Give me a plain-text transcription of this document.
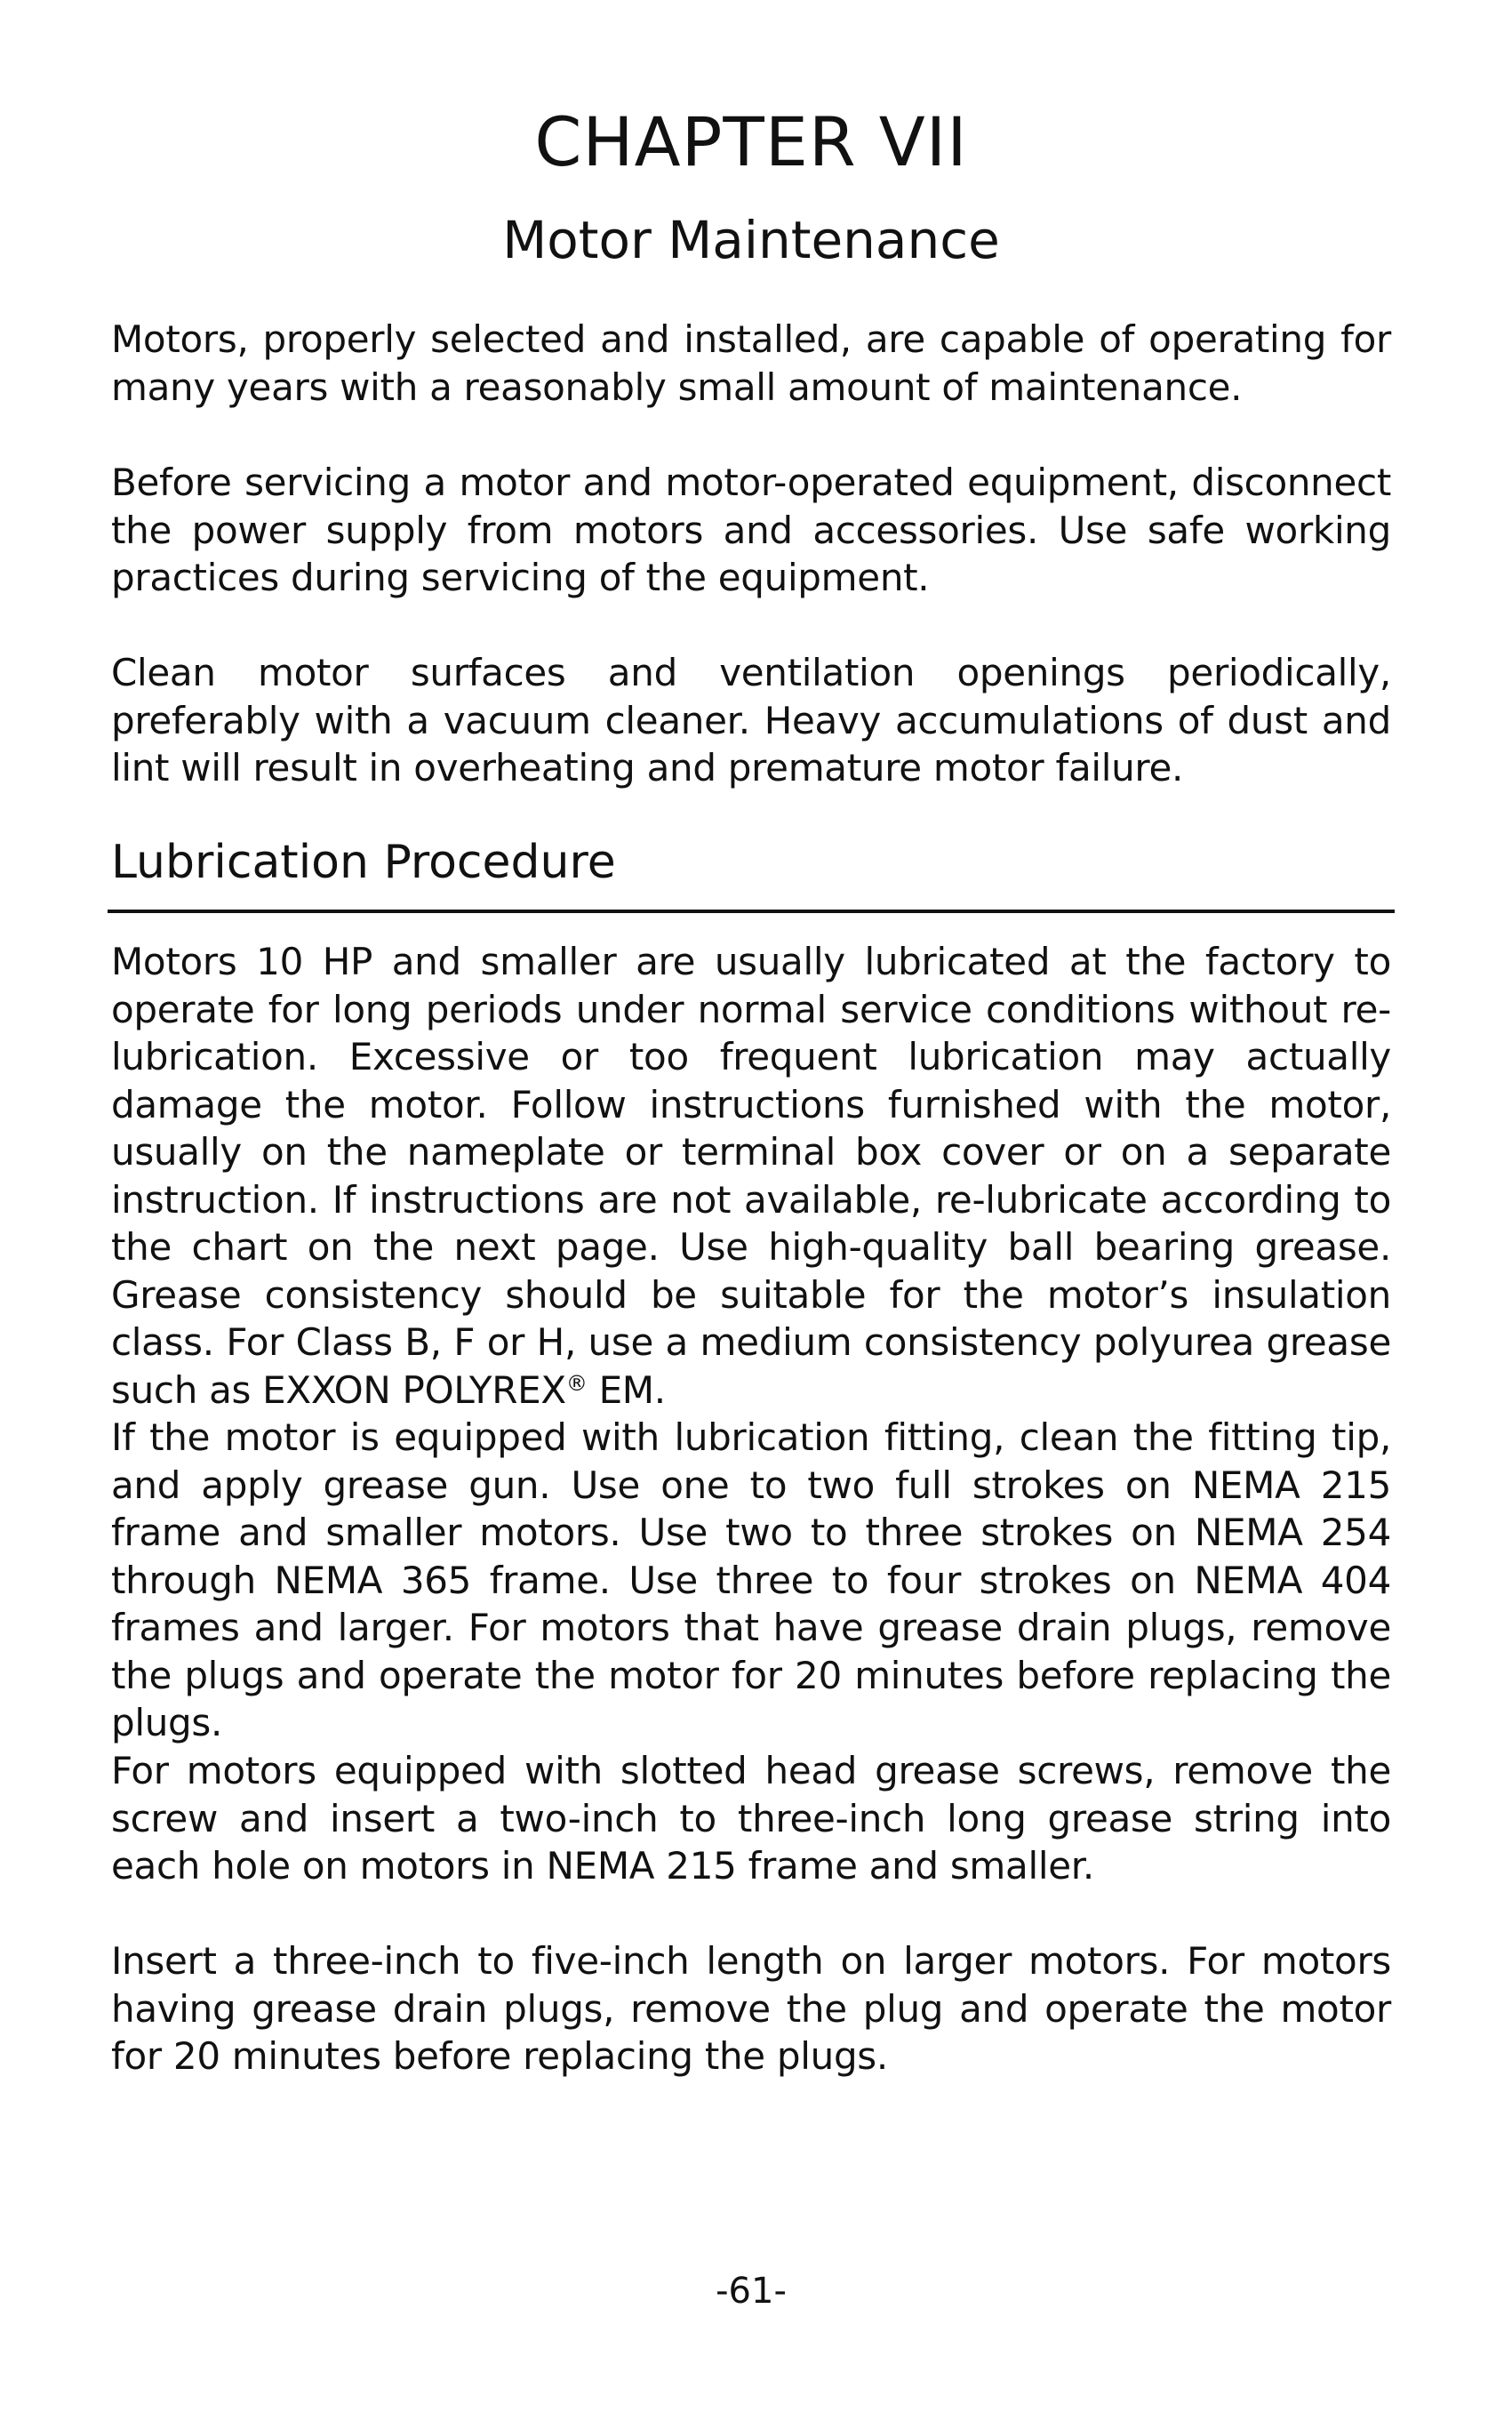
CHAPTER VII
Motor Maintenance

Motors, properly selected and installed, are capable of operating for many years with a reasonably small amount of maintenance.

Before servicing a motor and motor-operated equipment, disconnect the power supply from motors and accessories. Use safe working practices during servicing of the equipment.

Clean motor surfaces and ventilation openings periodically, preferably with a vacuum cleaner. Heavy accumulations of dust and lint will result in overheating and premature motor failure.

Lubrication Procedure

Motors 10 HP and smaller are usually lubricated at the factory to operate for long periods under normal service conditions without re-lubrication. Excessive or too frequent lubrication may actually damage the motor. Follow instructions furnished with the motor, usually on the nameplate or terminal box cover or on a separate instruction. If instructions are not available, re-lubricate according to the chart on the next page. Use high-quality ball bearing grease. Grease consistency should be suitable for the motor’s insulation class. For Class B, F or H, use a medium consistency polyurea grease such as EXXON POLYREX® EM.

If the motor is equipped with lubrication fitting, clean the fitting tip, and apply grease gun. Use one to two full strokes on NEMA 215 frame and smaller motors. Use two to three strokes on NEMA 254 through NEMA 365 frame. Use three to four strokes on NEMA 404 frames and larger. For motors that have grease drain plugs, remove the plugs and operate the motor for 20 minutes before replacing the plugs.

For motors equipped with slotted head grease screws, remove the screw and insert a two-inch to three-inch long grease string into each hole on motors in NEMA 215 frame and smaller.

Insert a three-inch to five-inch length on larger motors. For motors having grease drain plugs, remove the plug and operate the motor for 20 minutes before replacing the plugs.

-61-
